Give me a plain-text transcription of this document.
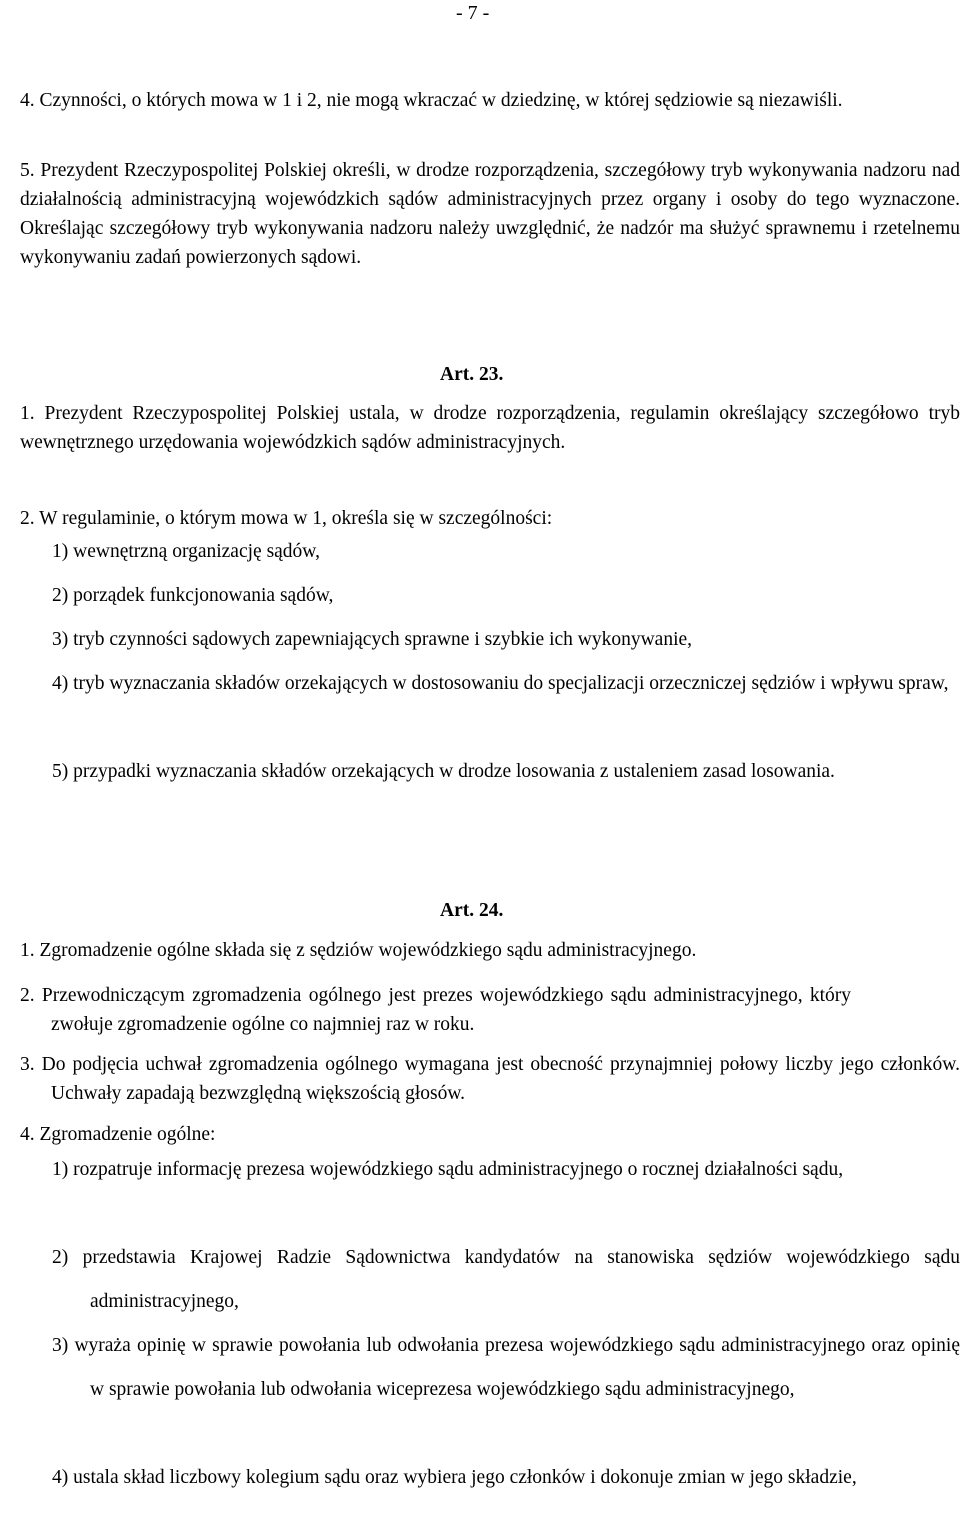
- 7 -

4. Czynności, o których mowa w 1 i 2, nie mogą wkraczać w dziedzinę, w której sędziowie są niezawiśli.

5. Prezydent Rzeczypospolitej Polskiej określi, w drodze rozporządzenia, szczegółowy tryb wykonywania nadzoru nad działalnością administracyjną wojewódzkich sądów administracyjnych przez organy i osoby do tego wyznaczone. Określając szczegółowy tryb wykonywania nadzoru należy uwzględnić, że nadzór ma służyć sprawnemu i rzetelnemu wykonywaniu zadań powierzonych sądowi.

Art. 23.

1. Prezydent Rzeczypospolitej Polskiej ustala, w drodze rozporządzenia, regulamin określający szczegółowo tryb wewnętrznego urzędowania wojewódzkich sądów administracyjnych.

2. W regulaminie, o którym mowa w 1, określa się w szczególności:

1) wewnętrzną organizację sądów,

2) porządek funkcjonowania sądów,

3) tryb czynności sądowych zapewniających sprawne i szybkie ich wykonywanie,

4) tryb wyznaczania składów orzekających w dostosowaniu do specjalizacji orzeczniczej sędziów i wpływu spraw,

5) przypadki wyznaczania składów orzekających w drodze losowania z ustaleniem zasad losowania.

Art. 24.

1. Zgromadzenie ogólne składa się z sędziów wojewódzkiego sądu administracyjnego.

2. Przewodniczącym zgromadzenia ogólnego jest prezes wojewódzkiego sądu administracyjnego, który zwołuje zgromadzenie ogólne co najmniej raz w roku.

3. Do podjęcia uchwał zgromadzenia ogólnego wymagana jest obecność przynajmniej połowy liczby jego członków. Uchwały zapadają bezwzględną większością głosów.

4. Zgromadzenie ogólne:

1) rozpatruje informację prezesa wojewódzkiego sądu administracyjnego o rocznej działalności sądu,

2) przedstawia Krajowej Radzie Sądownictwa kandydatów na stanowiska sędziów wojewódzkiego sądu administracyjnego,

3) wyraża opinię w sprawie powołania lub odwołania prezesa wojewódzkiego sądu administracyjnego oraz opinię w sprawie powołania lub odwołania wiceprezesa wojewódzkiego sądu administracyjnego,

4) ustala skład liczbowy kolegium sądu oraz wybiera jego członków i dokonuje zmian w jego składzie,
